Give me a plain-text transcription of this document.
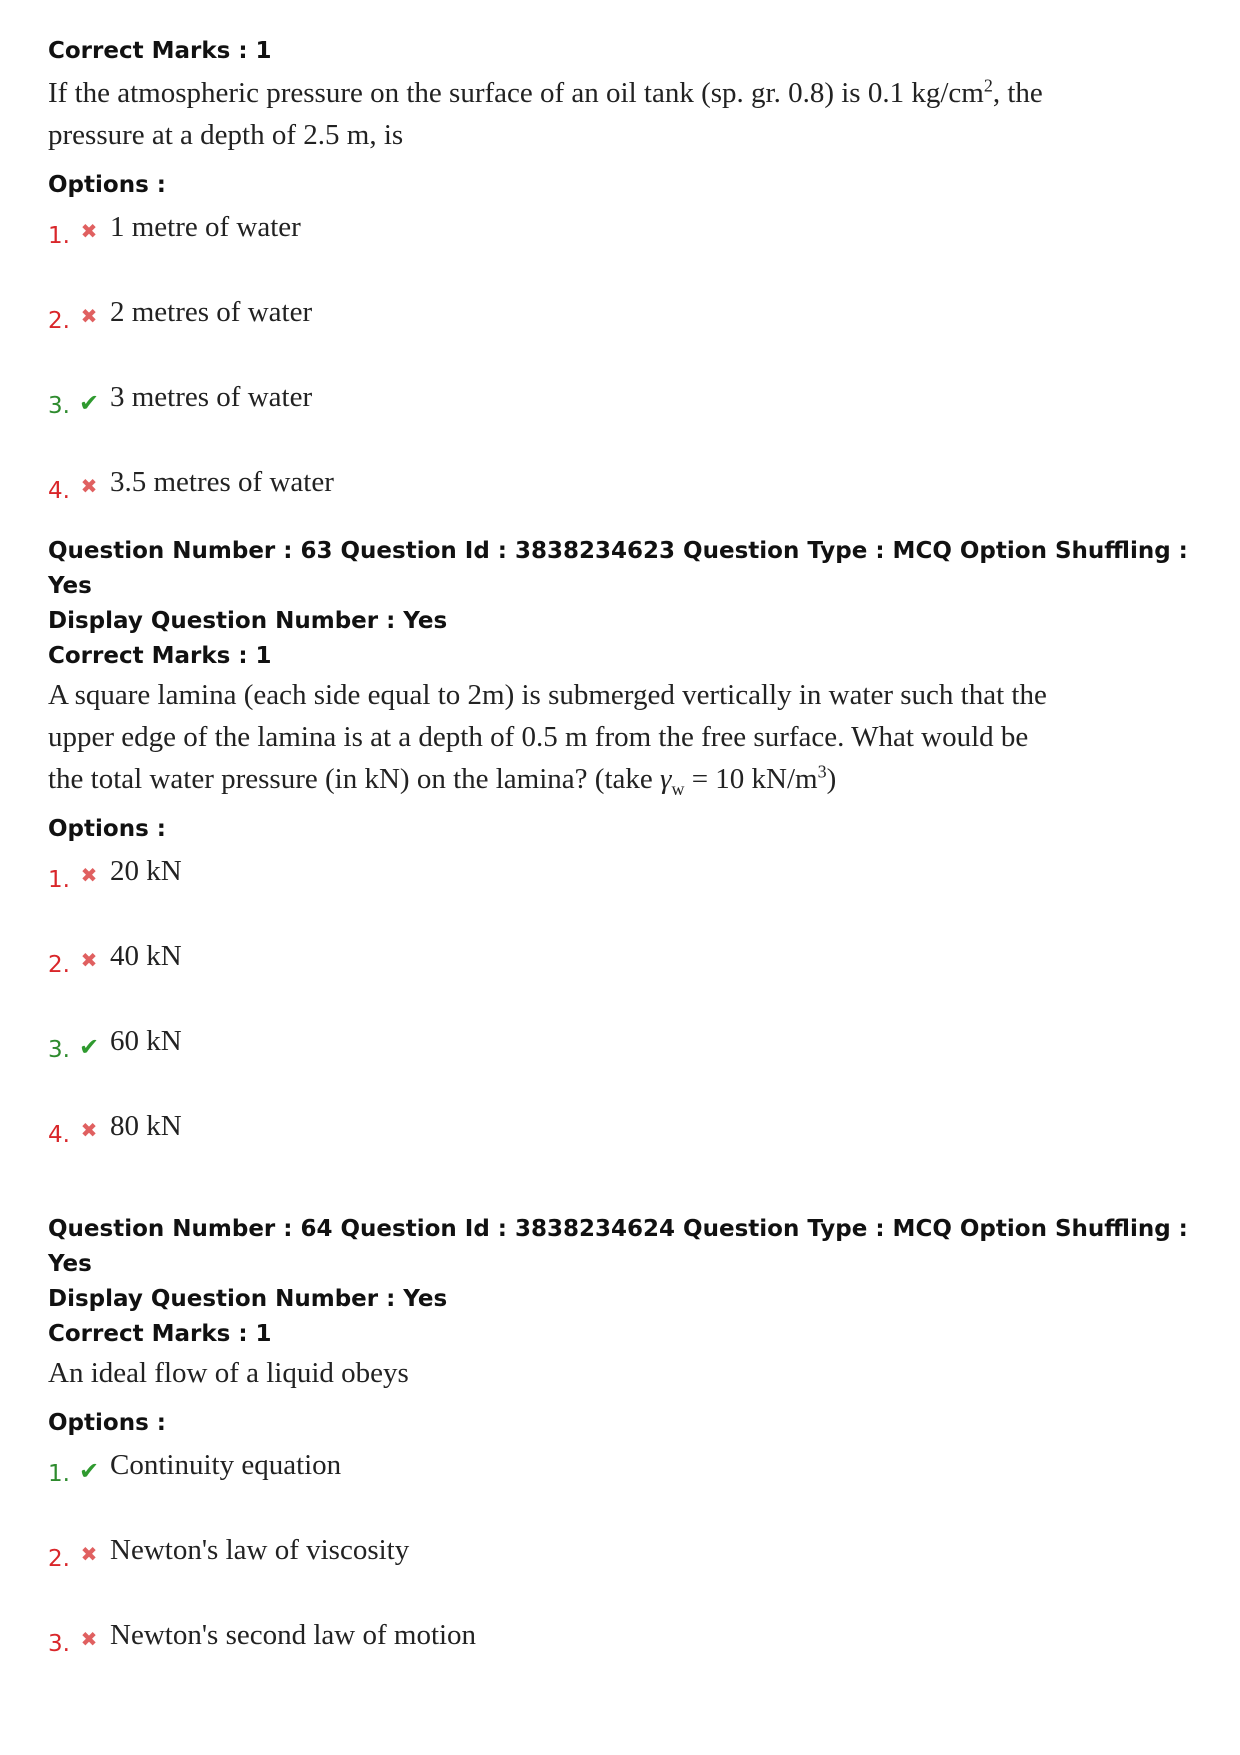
Correct Marks : 1

If the atmospheric pressure on the surface of an oil tank (sp. gr. 0.8) is 0.1 $kg/cm^2$, the

pressure at a depth of 2.5 m, is

Options :

1. ✖ 1 metre of water
2. ✖ 2 metres of water
3. ✔ 3 metres of water
4. ✖ 3.5 metres of water

Question Number : 63 Question Id : 3838234623 Question Type : MCQ Option Shuffling : Yes

Display Question Number : Yes

Correct Marks : 1

A square lamina (each side equal to 2m) is submerged vertically in water such that the

upper edge of the lamina is at a depth of 0.5 m from the free surface. What would be

the total water pressure (in kN) on the lamina? (take $\gamma_w = 10$ $kN/m^3$)

Options :

1. ✖ 20 kN
2. ✖ 40 kN
3. ✔ 60 kN
4. ✖ 80 kN

Question Number : 64 Question Id : 3838234624 Question Type : MCQ Option Shuffling : Yes

Display Question Number : Yes

Correct Marks : 1

An ideal flow of a liquid obeys

Options :

1. ✔ Continuity equation
2. ✖ Newton's law of viscosity
3. ✖ Newton's second law of motion
